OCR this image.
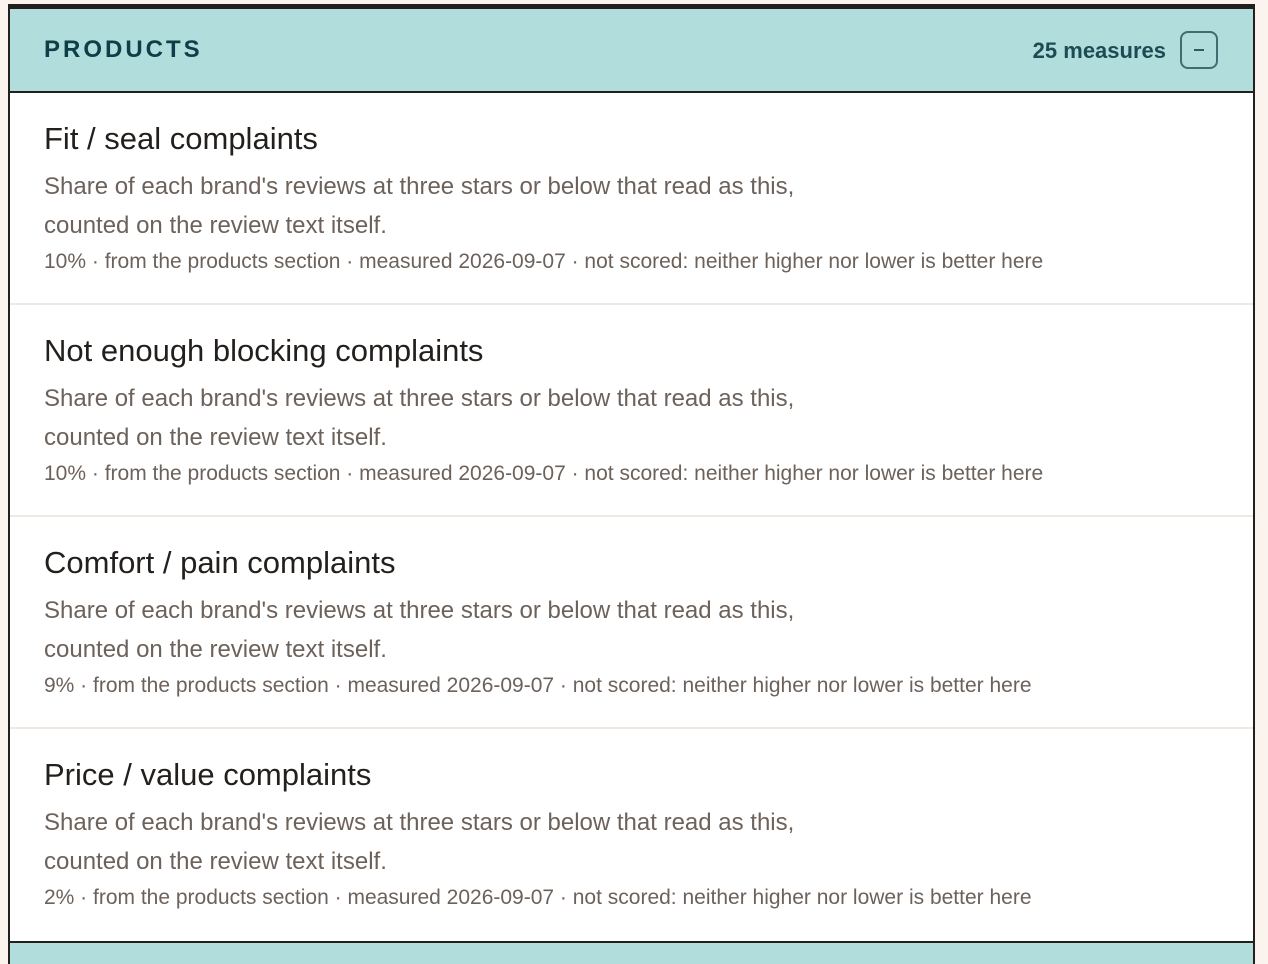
PRODUCTS	25 measures
Fit / seal complaints
Share of each brand's reviews at three stars or below that read as this, counted on the review text itself.
10% · from the products section · measured 2026-09-07 · not scored: neither higher nor lower is better here
Not enough blocking complaints
Share of each brand's reviews at three stars or below that read as this, counted on the review text itself.
10% · from the products section · measured 2026-09-07 · not scored: neither higher nor lower is better here
Comfort / pain complaints
Share of each brand's reviews at three stars or below that read as this, counted on the review text itself.
9% · from the products section · measured 2026-09-07 · not scored: neither higher nor lower is better here
Price / value complaints
Share of each brand's reviews at three stars or below that read as this, counted on the review text itself.
2% · from the products section · measured 2026-09-07 · not scored: neither higher nor lower is better here
